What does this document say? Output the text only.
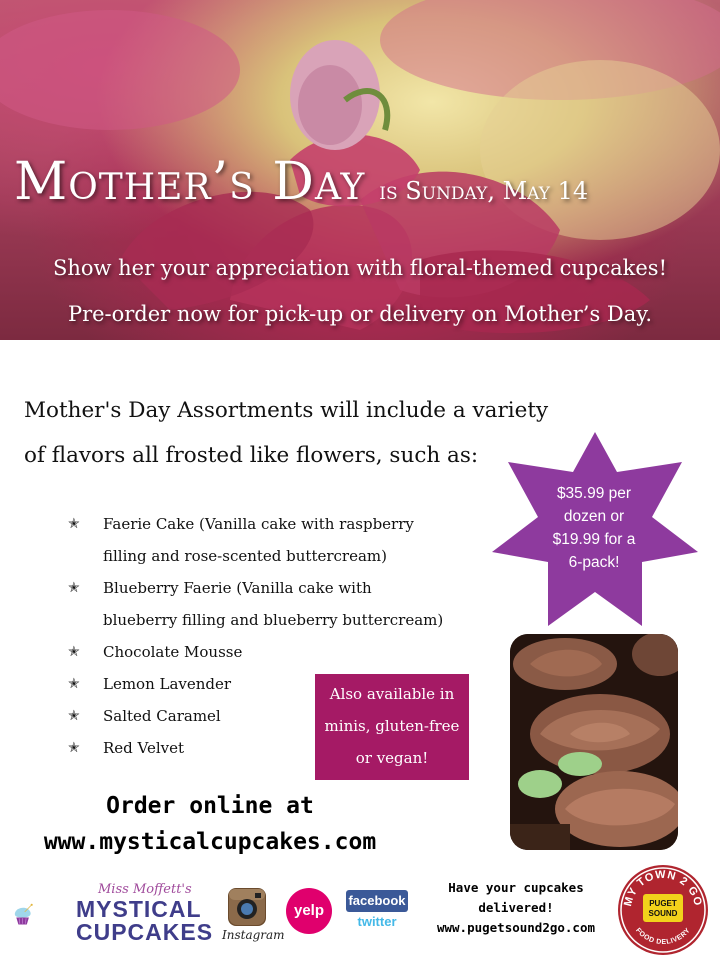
Mother’s Day is Sunday, May 14
Show her your appreciation with floral-themed cupcakes!
Pre-order now for pick-up or delivery on Mother’s Day.
Mother's Day Assortments will include a variety
of flavors all frosted like flowers, such as:
✭ Faerie Cake (Vanilla cake with raspberry
filling and rose-scented buttercream)
✭ Blueberry Faerie (Vanilla cake with
blueberry filling and blueberry buttercream)
✭ Chocolate Mousse
✭ Lemon Lavender
✭ Salted Caramel
✭ Red Velvet
$35.99 per
dozen or
$19.99 for a
6-pack!
Also available in
minis, gluten-free
or vegan!
Order online at
www.mysticalcupcakes.com
Miss Moffett's
MYSTICAL
CUPCAKES Instagram
yelp
facebook
twitter
Have your cupcakes
delivered!
www.pugetsound2go.com
MY TOWN 2 GO
FOOD DELIVERY
PUGET
SOUND
